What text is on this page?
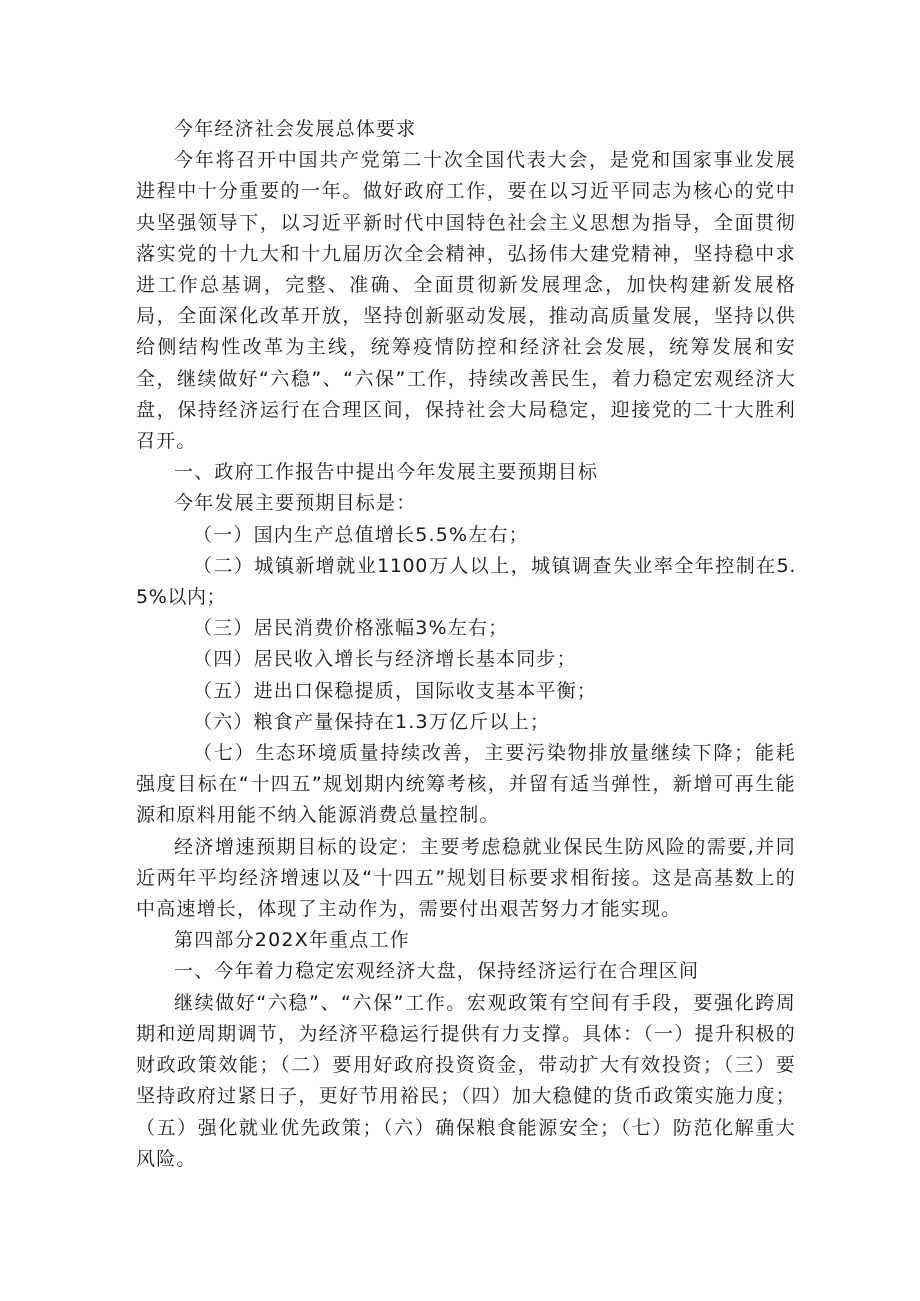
今年经济社会发展总体要求

今年将召开中国共产党第二十次全国代表大会，是党和国家事业发展进程中十分重要的一年。做好政府工作，要在以习近平同志为核心的党中央坚强领导下，以习近平新时代中国特色社会主义思想为指导，全面贯彻落实党的十九大和十九届历次全会精神，弘扬伟大建党精神，坚持稳中求进工作总基调，完整、准确、全面贯彻新发展理念，加快构建新发展格局，全面深化改革开放，坚持创新驱动发展，推动高质量发展，坚持以供给侧结构性改革为主线，统筹疫情防控和经济社会发展，统筹发展和安全，继续做好“六稳”、“六保”工作，持续改善民生，着力稳定宏观经济大盘，保持经济运行在合理区间，保持社会大局稳定，迎接党的二十大胜利召开。

一、政府工作报告中提出今年发展主要预期目标

今年发展主要预期目标是：

（一）国内生产总值增长5.5%左右；

（二）城镇新增就业1100万人以上，城镇调查失业率全年控制在5.5%以内；

（三）居民消费价格涨幅3%左右；

（四）居民收入增长与经济增长基本同步；

（五）进出口保稳提质，国际收支基本平衡；

（六）粮食产量保持在1.3万亿斤以上；

（七）生态环境质量持续改善，主要污染物排放量继续下降；能耗强度目标在“十四五”规划期内统筹考核，并留有适当弹性，新增可再生能源和原料用能不纳入能源消费总量控制。

经济增速预期目标的设定：主要考虑稳就业保民生防风险的需要,并同近两年平均经济增速以及“十四五”规划目标要求相衔接。这是高基数上的中高速增长，体现了主动作为，需要付出艰苦努力才能实现。

第四部分202X年重点工作

一、今年着力稳定宏观经济大盘，保持经济运行在合理区间

继续做好“六稳”、“六保”工作。宏观政策有空间有手段，要强化跨周期和逆周期调节，为经济平稳运行提供有力支撑。具体：（一）提升积极的财政政策效能；（二）要用好政府投资资金，带动扩大有效投资；（三）要坚持政府过紧日子，更好节用裕民；（四）加大稳健的货币政策实施力度；（五）强化就业优先政策；（六）确保粮食能源安全；（七）防范化解重大风险。
